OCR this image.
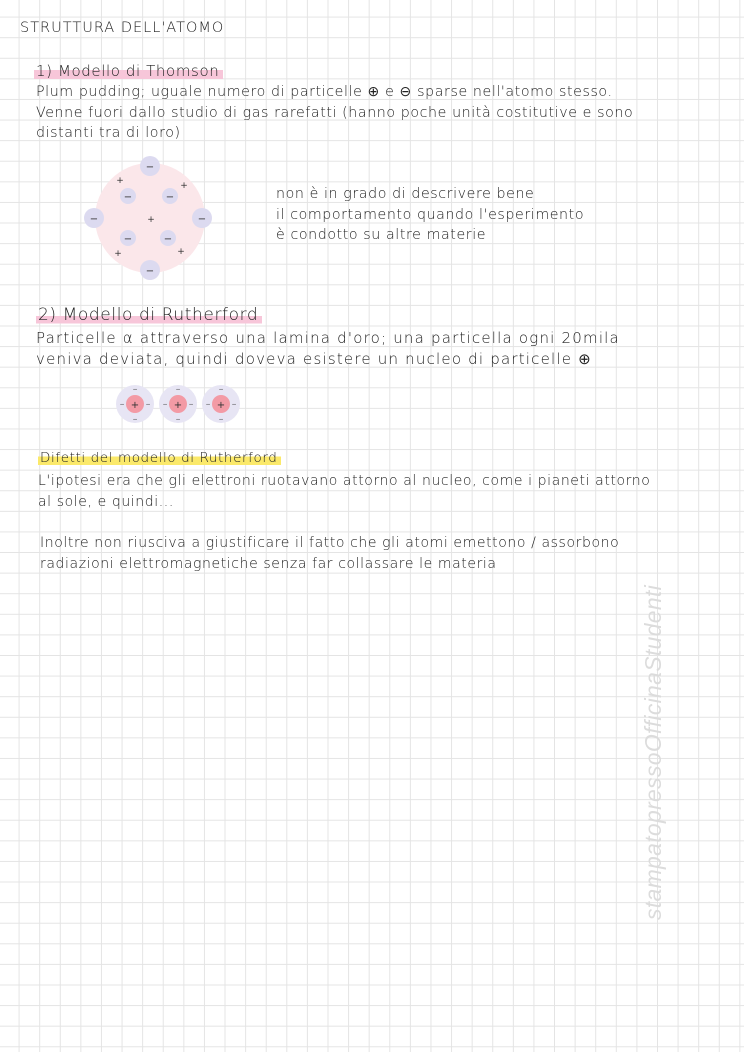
STRUTTURA DELL'ATOMO
1) Modello di Thomson
Plum pudding; uguale numero di particelle ⊕ e ⊖ sparse nell'atomo stesso.
Venne fuori dallo studio di gas rarefatti (hanno poche unità costitutive e sono
distanti tra di loro)
−
−
−	−
−	−
−	−
+	+
+
+	+
non è in grado di descrivere bene
il comportamento quando l'esperimento
è condotto su altre materie
2) Modello di Rutherford
Particelle α attraverso una lamina d'oro; una particella ogni 20mila
veniva deviata, quindi doveva esistere un nucleo di particelle ⊕
+	+	+
−
−
−	−
−
−
−	−
−
−
−	−
Difetti del modello di Rutherford
L'ipotesi era che gli elettroni ruotavano attorno al nucleo, come i pianeti attorno
al sole, e quindi...
Inoltre non riusciva a giustificare il fatto che gli atomi emettono / assorbono
radiazioni elettromagnetiche senza far collassare le materia
stampatopressoOfficinaStudenti
